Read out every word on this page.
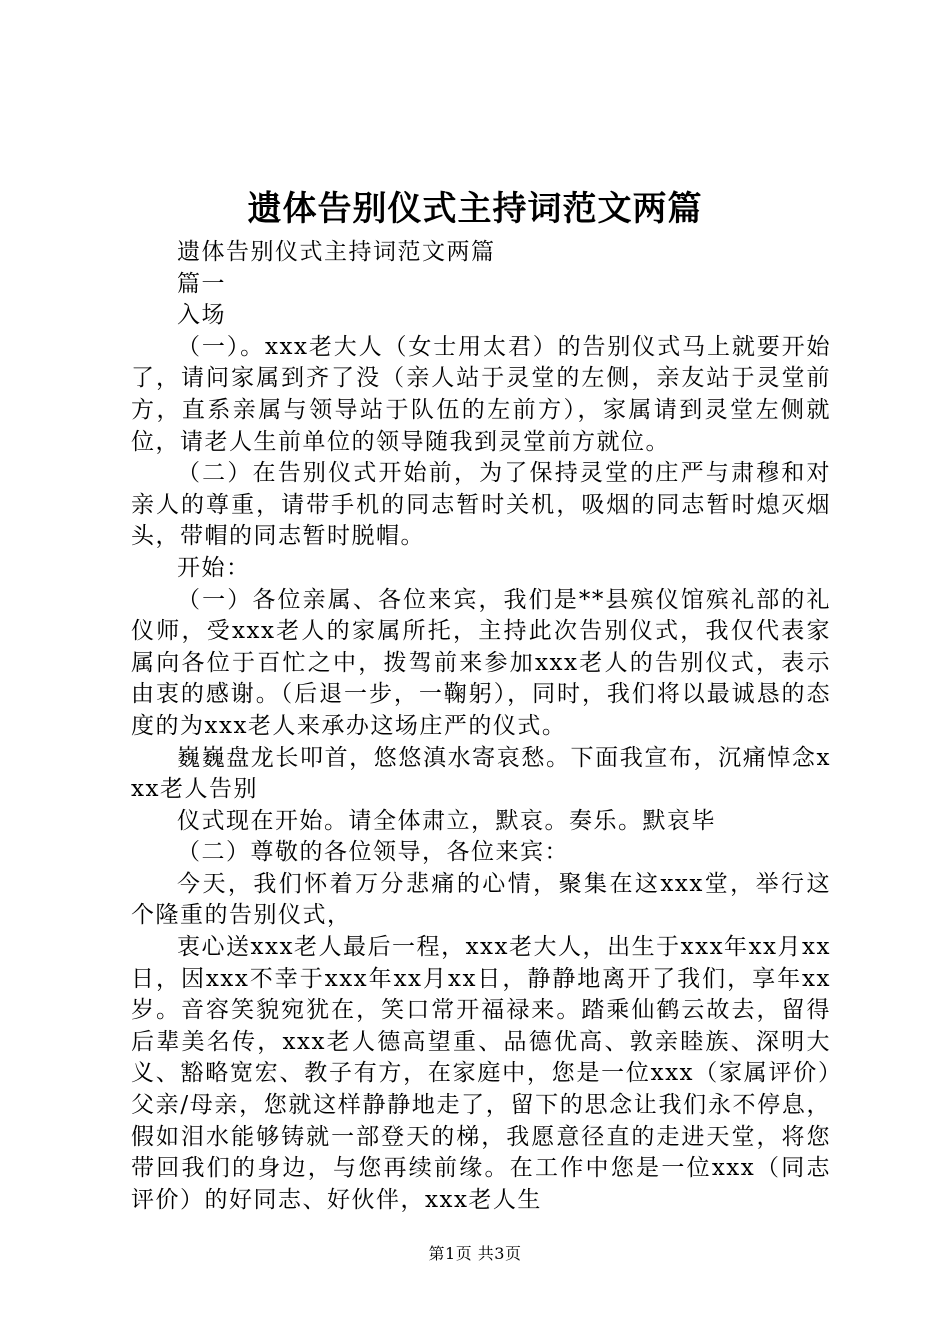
遗体告别仪式主持词范文两篇

遗体告别仪式主持词范文两篇

篇一

入场

（一）。xxx老大人（女士用太君）的告别仪式马上就要开始了，请问家属到齐了没（亲人站于灵堂的左侧，亲友站于灵堂前方，直系亲属与领导站于队伍的左前方），家属请到灵堂左侧就位，请老人生前单位的领导随我到灵堂前方就位。

（二）在告别仪式开始前，为了保持灵堂的庄严与肃穆和对亲人的尊重，请带手机的同志暂时关机，吸烟的同志暂时熄灭烟头，带帽的同志暂时脱帽。

开始：

（一）各位亲属、各位来宾，我们是**县殡仪馆殡礼部的礼仪师，受xxx老人的家属所托，主持此次告别仪式，我仅代表家属向各位于百忙之中，拨驾前来参加xxx老人的告别仪式，表示由衷的感谢。（后退一步，一鞠躬），同时，我们将以最诚恳的态度的为xxx老人来承办这场庄严的仪式。

巍巍盘龙长叩首，悠悠滇水寄哀愁。下面我宣布，沉痛悼念xxx老人告别

仪式现在开始。请全体肃立，默哀。奏乐。默哀毕

（二）尊敬的各位领导，各位来宾：

今天，我们怀着万分悲痛的心情，聚集在这xxx堂，举行这个隆重的告别仪式，

衷心送xxx老人最后一程，xxx老大人，出生于xxx年xx月xx日，因xxx不幸于xxx年xx月xx日，静静地离开了我们，享年xx岁。音容笑貌宛犹在，笑口常开福禄来。踏乘仙鹤云故去，留得后辈美名传，xxx老人德高望重、品德优高、敦亲睦族、深明大义、豁略宽宏、教子有方，在家庭中，您是一位xxx（家属评价）父亲/母亲，您就这样静静地走了，留下的思念让我们永不停息，假如泪水能够铸就一部登天的梯，我愿意径直的走进天堂，将您带回我们的身边，与您再续前缘。在工作中您是一位xxx（同志评价）的好同志、好伙伴，xxx老人生

第1页 共3页
